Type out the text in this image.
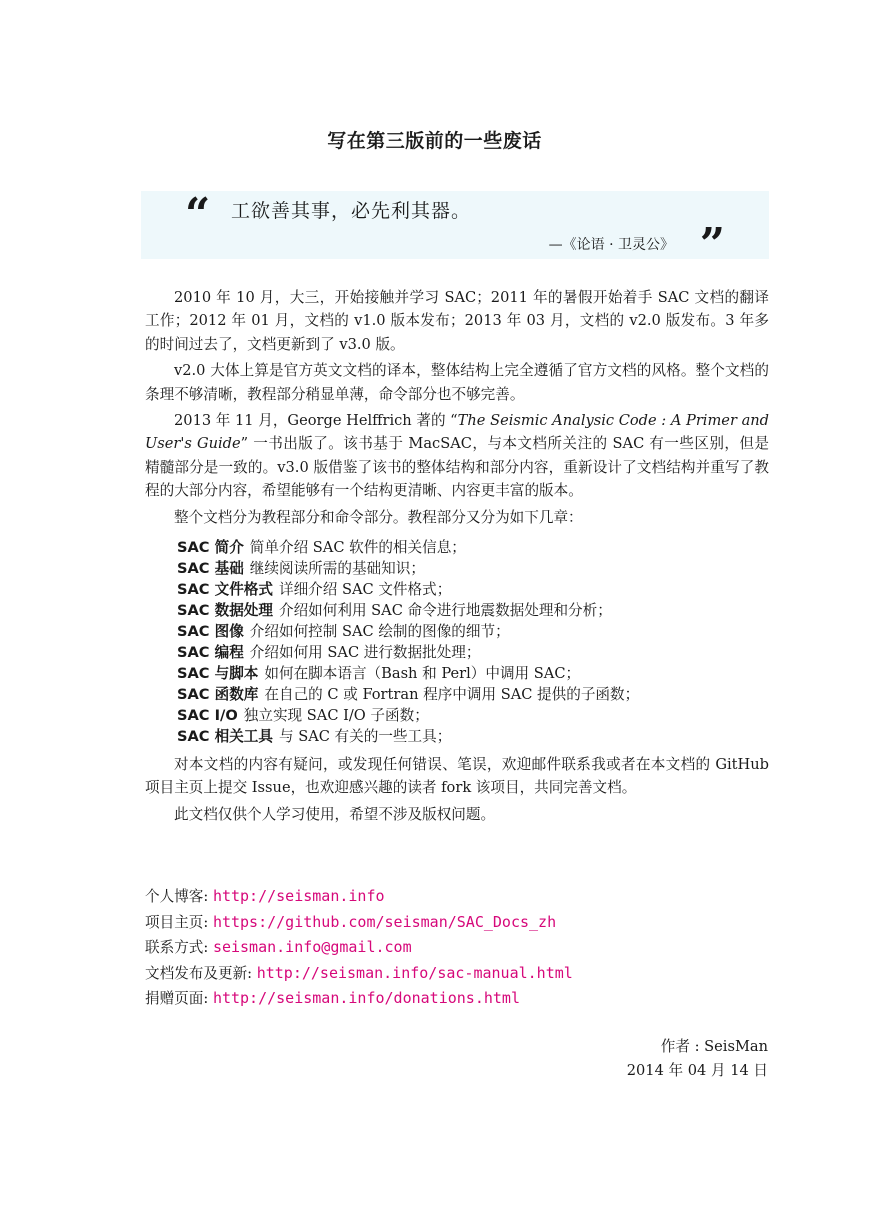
写在第三版前的一些废话
“ 工欲善其事，必先利其器。
—《论语 · 卫灵公》 ”

2010 年 10 月，大三，开始接触并学习 SAC；2011 年的暑假开始着手 SAC 文档的翻译工作；2012 年 01 月，文档的 v1.0 版本发布；2013 年 03 月，文档的 v2.0 版发布。3 年多的时间过去了，文档更新到了 v3.0 版。

v2.0 大体上算是官方英文文档的译本，整体结构上完全遵循了官方文档的风格。整个文档的条理不够清晰，教程部分稍显单薄，命令部分也不够完善。

2013 年 11 月，George Helffrich 著的 “The Seismic Analysic Code : A Primer and User's Guide” 一书出版了。该书基于 MacSAC，与本文档所关注的 SAC 有一些区别，但是精髓部分是一致的。v3.0 版借鉴了该书的整体结构和部分内容，重新设计了文档结构并重写了教程的大部分内容，希望能够有一个结构更清晰、内容更丰富的版本。

整个文档分为教程部分和命令部分。教程部分又分为如下几章：

SAC 简介 简单介绍 SAC 软件的相关信息；
SAC 基础 继续阅读所需的基础知识；
SAC 文件格式 详细介绍 SAC 文件格式；
SAC 数据处理 介绍如何利用 SAC 命令进行地震数据处理和分析；
SAC 图像 介绍如何控制 SAC 绘制的图像的细节；
SAC 编程 介绍如何用 SAC 进行数据批处理；
SAC 与脚本 如何在脚本语言（Bash 和 Perl）中调用 SAC；
SAC 函数库 在自己的 C 或 Fortran 程序中调用 SAC 提供的子函数；
SAC I/O 独立实现 SAC I/O 子函数；
SAC 相关工具 与 SAC 有关的一些工具；

对本文档的内容有疑问，或发现任何错误、笔误，欢迎邮件联系我或者在本文档的 GitHub 项目主页上提交 Issue，也欢迎感兴趣的读者 fork 该项目，共同完善文档。

此文档仅供个人学习使用，希望不涉及版权问题。

个人博客: http://seisman.info
项目主页: https://github.com/seisman/SAC_Docs_zh
联系方式: seisman.info@gmail.com
文档发布及更新: http://seisman.info/sac-manual.html
捐赠页面: http://seisman.info/donations.html
作者 : SeisMan
2014 年 04 月 14 日
